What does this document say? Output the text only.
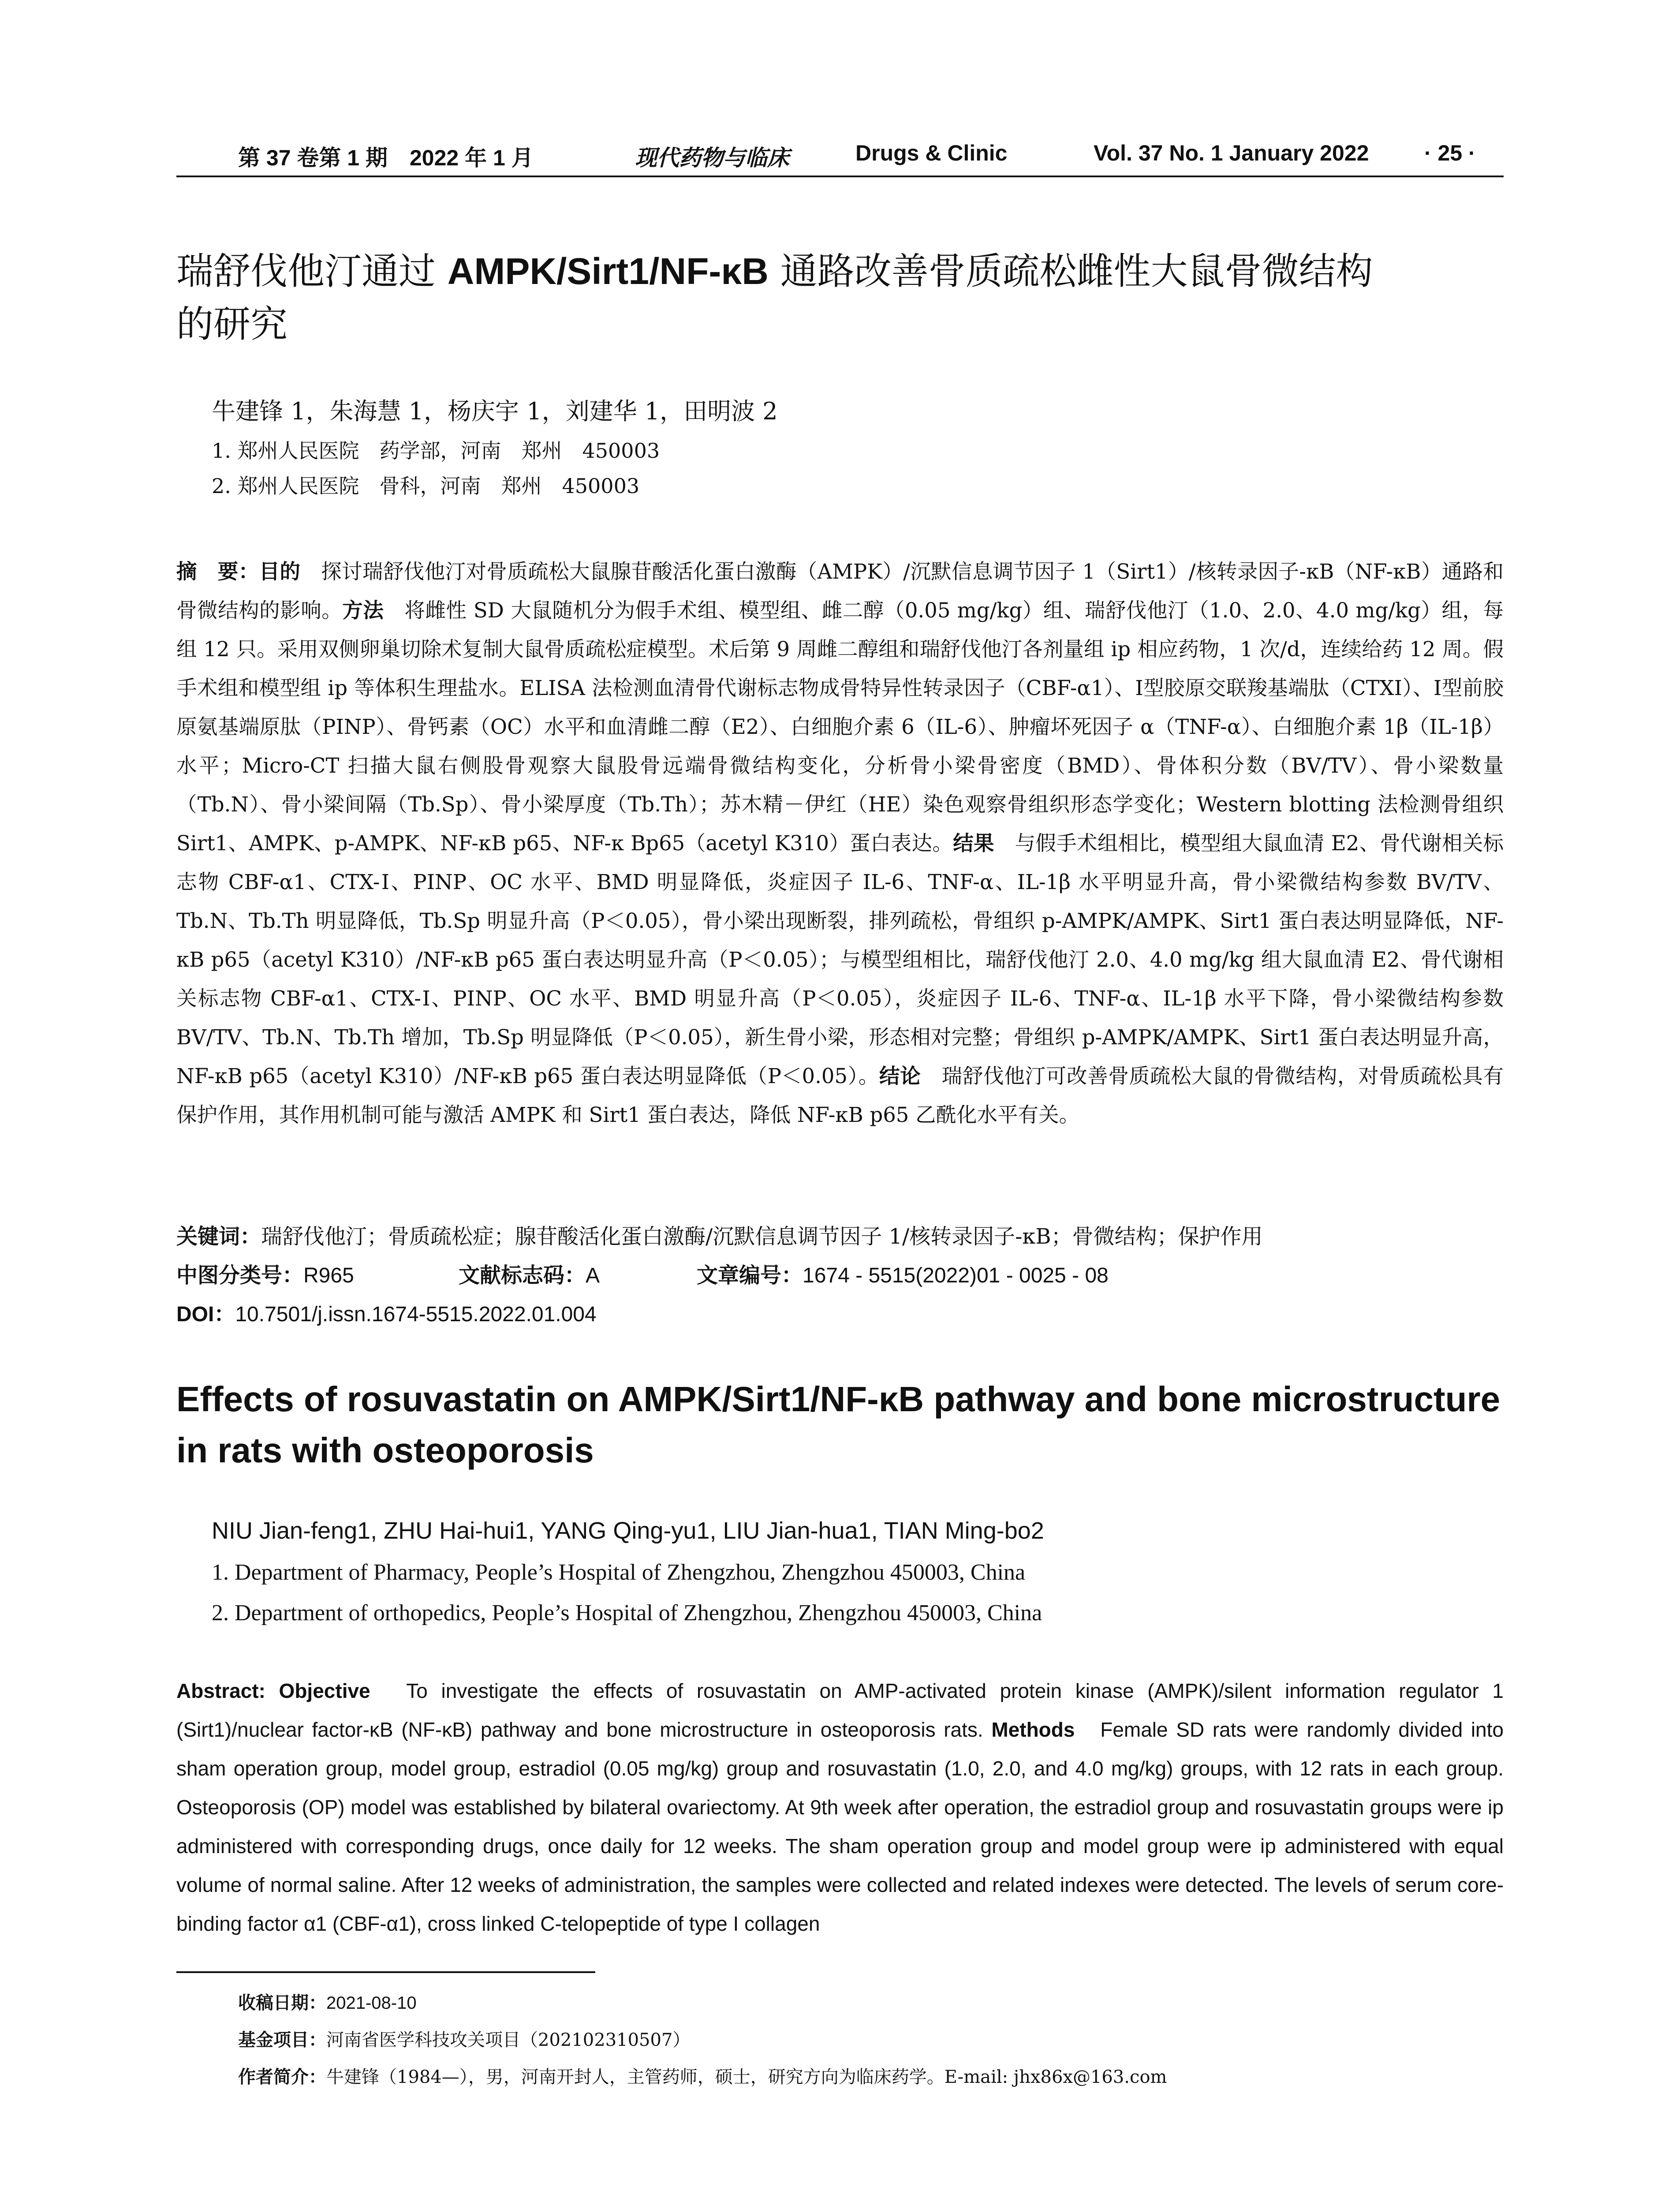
第 37 卷第 1 期　2022 年 1 月	现代药物与临床	Drugs & Clinic	Vol. 37 No. 1 January 2022	· 25 ·
瑞舒伐他汀通过 AMPK/Sirt1/NF-κB 通路改善骨质疏松雌性大鼠骨微结构
的研究
牛建锋 1，朱海慧 1，杨庆宇 1，刘建华 1，田明波 2
1. 郑州人民医院　药学部，河南　郑州　450003
2. 郑州人民医院　骨科，河南　郑州　450003
摘　要：目的　探讨瑞舒伐他汀对骨质疏松大鼠腺苷酸活化蛋白激酶（AMPK）/沉默信息调节因子 1（Sirt1）/核转录因子-κB（NF-κB）通路和骨微结构的影响。方法　将雌性 SD 大鼠随机分为假手术组、模型组、雌二醇（0.05 mg/kg）组、瑞舒伐他汀（1.0、2.0、4.0 mg/kg）组，每组 12 只。采用双侧卵巢切除术复制大鼠骨质疏松症模型。术后第 9 周雌二醇组和瑞舒伐他汀各剂量组 ip 相应药物，1 次/d，连续给药 12 周。假手术组和模型组 ip 等体积生理盐水。ELISA 法检测血清骨代谢标志物成骨特异性转录因子（CBF-α1）、Ⅰ型胶原交联羧基端肽（CTXI）、Ⅰ型前胶原氨基端原肽（PINP）、骨钙素（OC）水平和血清雌二醇（E2）、白细胞介素 6（IL-6）、肿瘤坏死因子 α（TNF-α）、白细胞介素 1β（IL-1β）水平；Micro-CT 扫描大鼠右侧股骨观察大鼠股骨远端骨微结构变化，分析骨小梁骨密度（BMD）、骨体积分数（BV/TV）、骨小梁数量（Tb.N）、骨小梁间隔（Tb.Sp）、骨小梁厚度（Tb.Th）；苏木精－伊红（HE）染色观察骨组织形态学变化；Western blotting 法检测骨组织 Sirt1、AMPK、p-AMPK、NF-κB p65、NF-κ Bp65（acetyl K310）蛋白表达。结果　与假手术组相比，模型组大鼠血清 E2、骨代谢相关标志物 CBF-α1、CTX-Ⅰ、PINP、OC 水平、BMD 明显降低，炎症因子 IL-6、TNF-α、IL-1β 水平明显升高，骨小梁微结构参数 BV/TV、Tb.N、Tb.Th 明显降低，Tb.Sp 明显升高（P＜0.05），骨小梁出现断裂，排列疏松，骨组织 p-AMPK/AMPK、Sirt1 蛋白表达明显降低，NF-κB p65（acetyl K310）/NF-κB p65 蛋白表达明显升高（P＜0.05）；与模型组相比，瑞舒伐他汀 2.0、4.0 mg/kg 组大鼠血清 E2、骨代谢相关标志物 CBF-α1、CTX-Ⅰ、PINP、OC 水平、BMD 明显升高（P＜0.05），炎症因子 IL-6、TNF-α、IL-1β 水平下降，骨小梁微结构参数 BV/TV、Tb.N、Tb.Th 增加，Tb.Sp 明显降低（P＜0.05），新生骨小梁，形态相对完整；骨组织 p-AMPK/AMPK、Sirt1 蛋白表达明显升高，NF-κB p65（acetyl K310）/NF-κB p65 蛋白表达明显降低（P＜0.05）。结论　瑞舒伐他汀可改善骨质疏松大鼠的骨微结构，对骨质疏松具有保护作用，其作用机制可能与激活 AMPK 和 Sirt1 蛋白表达，降低 NF-κB p65 乙酰化水平有关。
关键词：瑞舒伐他汀；骨质疏松症；腺苷酸活化蛋白激酶/沉默信息调节因子 1/核转录因子-κB；骨微结构；保护作用
中图分类号：R965	文献标志码：A	文章编号：1674 - 5515(2022)01 - 0025 - 08
DOI：10.7501/j.issn.1674-5515.2022.01.004
Effects of rosuvastatin on AMPK/Sirt1/NF-κB pathway and bone microstructure
in rats with osteoporosis
NIU Jian-feng1, ZHU Hai-hui1, YANG Qing-yu1, LIU Jian-hua1, TIAN Ming-bo2
1. Department of Pharmacy, People’s Hospital of Zhengzhou, Zhengzhou 450003, China
2. Department of orthopedics, People’s Hospital of Zhengzhou, Zhengzhou 450003, China
Abstract: Objective　To investigate the effects of rosuvastatin on AMP-activated protein kinase (AMPK)/silent information regulator 1 (Sirt1)/nuclear factor-κB (NF-κB) pathway and bone microstructure in osteoporosis rats. Methods　Female SD rats were randomly divided into sham operation group, model group, estradiol (0.05 mg/kg) group and rosuvastatin (1.0, 2.0, and 4.0 mg/kg) groups, with 12 rats in each group. Osteoporosis (OP) model was established by bilateral ovariectomy. At 9th week after operation, the estradiol group and rosuvastatin groups were ip administered with corresponding drugs, once daily for 12 weeks. The sham operation group and model group were ip administered with equal volume of normal saline. After 12 weeks of administration, the samples were collected and related indexes were detected. The levels of serum core-binding factor α1 (CBF-α1), cross linked C-telopeptide of type I collagen
收稿日期：2021-08-10
基金项目：河南省医学科技攻关项目（202102310507）
作者简介：牛建锋（1984—），男，河南开封人，主管药师，硕士，研究方向为临床药学。E-mail: jhx86x@163.com
